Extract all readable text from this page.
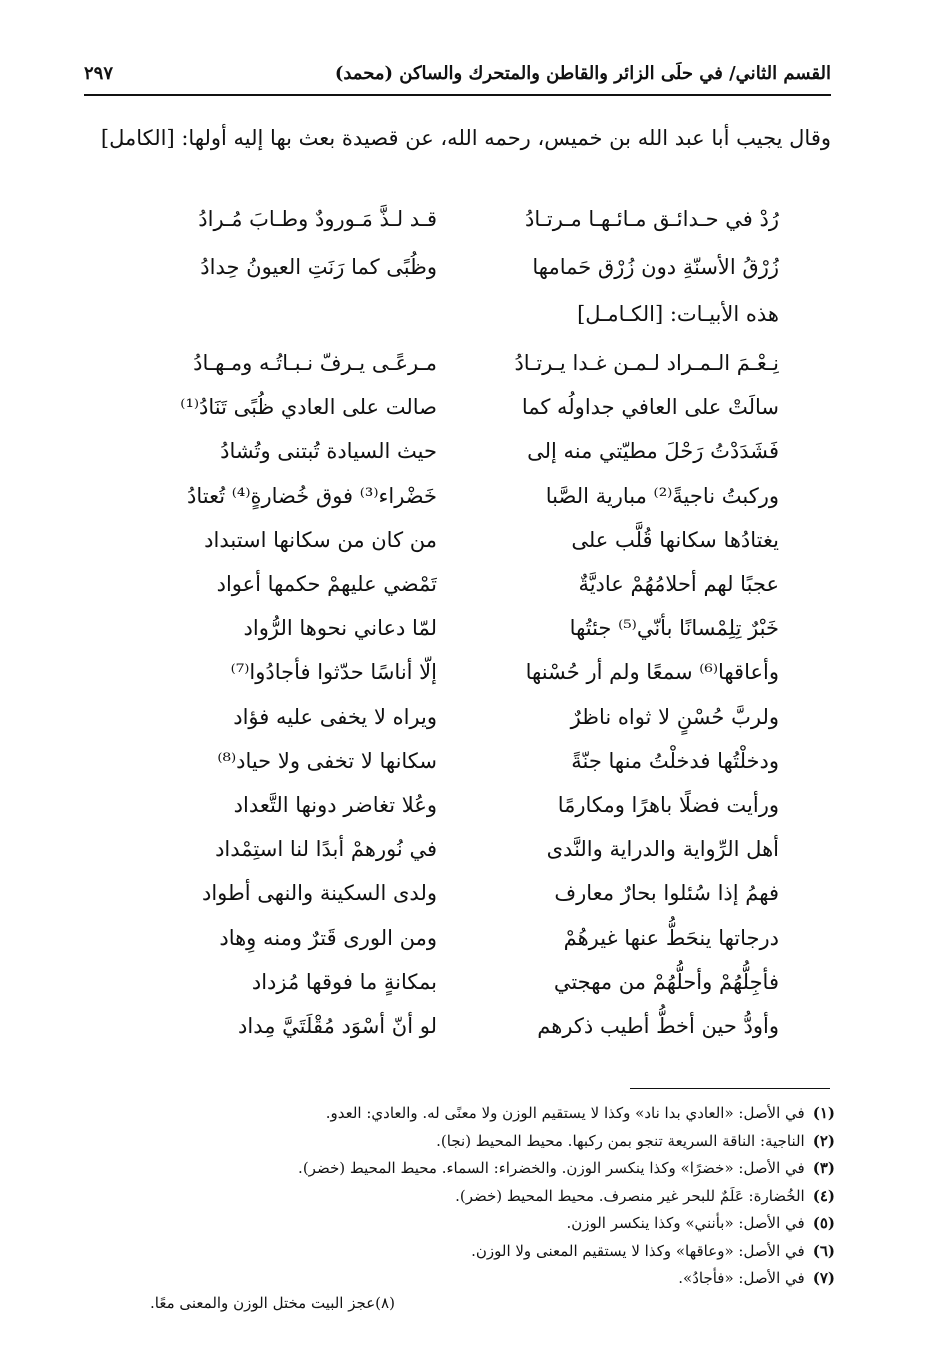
القسم الثاني/ في حلَى الزائر والقاطن والمتحرك والساكن (محمد)
٢٩٧
وقال يجيب أبا عبد الله بن خميس، رحمه الله، عن قصيدة بعث بها إليه أولها: [الكامل]
رُدْ في حـدائـق مـائـهـا مـرتـادُ
قـد لـذَّ مَـورودٌ وطـابَ مُـرادُ
زُرْقُ الأسنّةِ دون زُرْق حَمامها
وظُبًى كما رَنَتِ العيونُ حِدادُ
هذه الأبيـات: [الكـامـل]
نِـعْـمَ الـمـراد لـمـن غـدا يـرتـادُ
مـرعًـى يـرفّ نـبـاتُـه ومـهـادُ
سالَتْ على العافي جداولُه كما
صالت على العادي ظُبًى تَنَادُ⁽¹⁾
فَشَدَدْتُ رَحْلَ مطيّتي منه إلى
حيث السيادة تُبتنى وتُشادُ
وركبتُ ناجيةً⁽²⁾ مبارية الصَّبا
خَضْراء⁽³⁾ فوق خُضارةٍ⁽⁴⁾ تُعتادُ
يغتادُها سكانها قُلَّب على
من كان من سكانها استبداد
عجبًا لهم أحلامُهُمْ عاديَّةٌ
تَمْضي عليهمْ حكمها أعواد
خَبْرٌ تِلِمْسانًا بأنّي⁽⁵⁾ جئتُها
لمّا دعاني نحوها الرُّواد
وأعاقها⁽⁶⁾ سمعًا ولم أر حُسْنها
إلّا أناسًا حدّثوا فأجادُوا⁽⁷⁾
ولربَّ حُسْنٍ لا ثواه ناظرٌ
ويراه لا يخفى عليه فؤاد
ودخلْتُها فدخلْتُ منها جنّةً
سكانها لا تخفى ولا حياد⁽⁸⁾
ورأيت فضلًا باهرًا ومكارمًا
وعُلا تغاضر دونها التَّعداد
أهل الرِّواية والدراية والنَّدى
في نُورهمْ أبدًا لنا استِمْداد
فهمُ إذا سُئلوا بحارٌ معارف
ولدى السكينة والنهى أطواد
درجاتها ينحَطُّ عنها غيرهُمْ
ومن الورى قَترٌ ومنه وِهاد
فأجِلُّهُمْ وأحلُّهُمْ من مهجتي
بمكانةٍ ما فوقها مُزداد
وأودُّ حين أخطُّ أطيب ذكرهم
لو أنّ أسْوَد مُقْلَتَيَّ مِداد
(١)في الأصل: «العادي بدا ناد» وكذا لا يستقيم الوزن ولا معنًى له. والعادي: العدو.
(٢)الناجية: الناقة السريعة تنجو بمن ركبها. محيط المحيط (نجا).
(٣)في الأصل: «خضرًا» وكذا ينكسر الوزن. والخضراء: السماء. محيط المحيط (خضر).
(٤)الخُضارة: عَلَمٌ للبحر غير منصرف. محيط المحيط (خضر).
(٥)في الأصل: «بأنني» وكذا ينكسر الوزن.
(٦)في الأصل: «وعاقها» وكذا لا يستقيم المعنى ولا الوزن.
(٧)في الأصل: «فأجادُ».
(٨)عجز البيت مختل الوزن والمعنى معًا.
